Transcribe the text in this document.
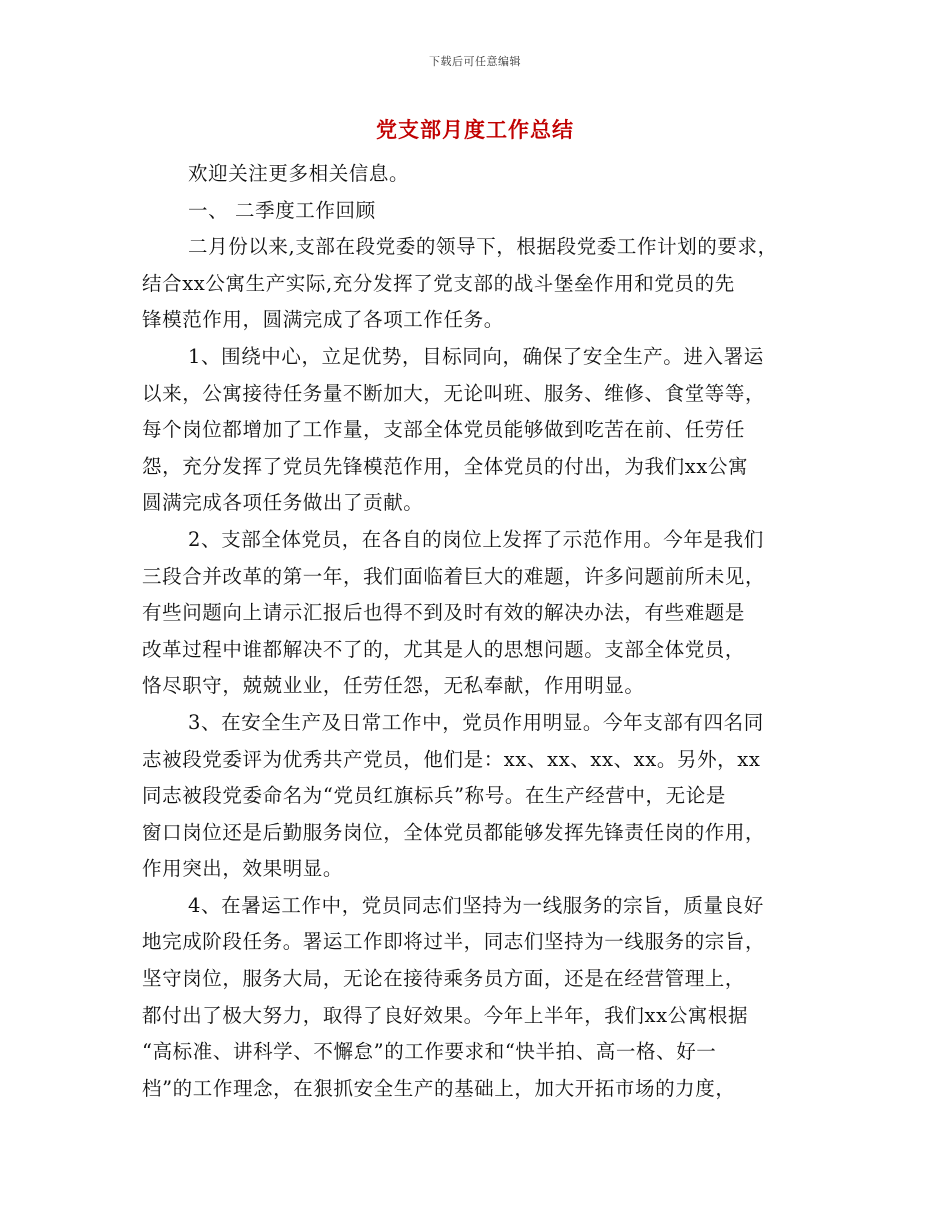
下载后可任意编辑
党支部月度工作总结
欢迎关注更多相关信息。
一、 二季度工作回顾
二月份以来,支部在段党委的领导下，根据段党委工作计划的要求，
结合xx公寓生产实际,充分发挥了党支部的战斗堡垒作用和党员的先
锋模范作用，圆满完成了各项工作任务。
1、围绕中心，立足优势，目标同向，确保了安全生产。进入署运
以来，公寓接待任务量不断加大，无论叫班、服务、维修、食堂等等，
每个岗位都增加了工作量，支部全体党员能够做到吃苦在前、任劳任
怨，充分发挥了党员先锋模范作用，全体党员的付出，为我们xx公寓
圆满完成各项任务做出了贡献。
2、支部全体党员，在各自的岗位上发挥了示范作用。今年是我们
三段合并改革的第一年，我们面临着巨大的难题，许多问题前所未见，
有些问题向上请示汇报后也得不到及时有效的解决办法，有些难题是
改革过程中谁都解决不了的，尤其是人的思想问题。支部全体党员，
恪尽职守，兢兢业业，任劳任怨，无私奉献，作用明显。
3、在安全生产及日常工作中，党员作用明显。今年支部有四名同
志被段党委评为优秀共产党员，他们是：xx、xx、xx、xx。另外，xx
同志被段党委命名为“党员红旗标兵”称号。在生产经营中，无论是
窗口岗位还是后勤服务岗位，全体党员都能够发挥先锋责任岗的作用，
作用突出，效果明显。
4、在暑运工作中，党员同志们坚持为一线服务的宗旨，质量良好
地完成阶段任务。署运工作即将过半，同志们坚持为一线服务的宗旨，
坚守岗位，服务大局，无论在接待乘务员方面，还是在经营管理上，
都付出了极大努力，取得了良好效果。今年上半年，我们xx公寓根据
“高标准、讲科学、不懈怠”的工作要求和“快半拍、高一格、好一
档”的工作理念，在狠抓安全生产的基础上，加大开拓市场的力度，
